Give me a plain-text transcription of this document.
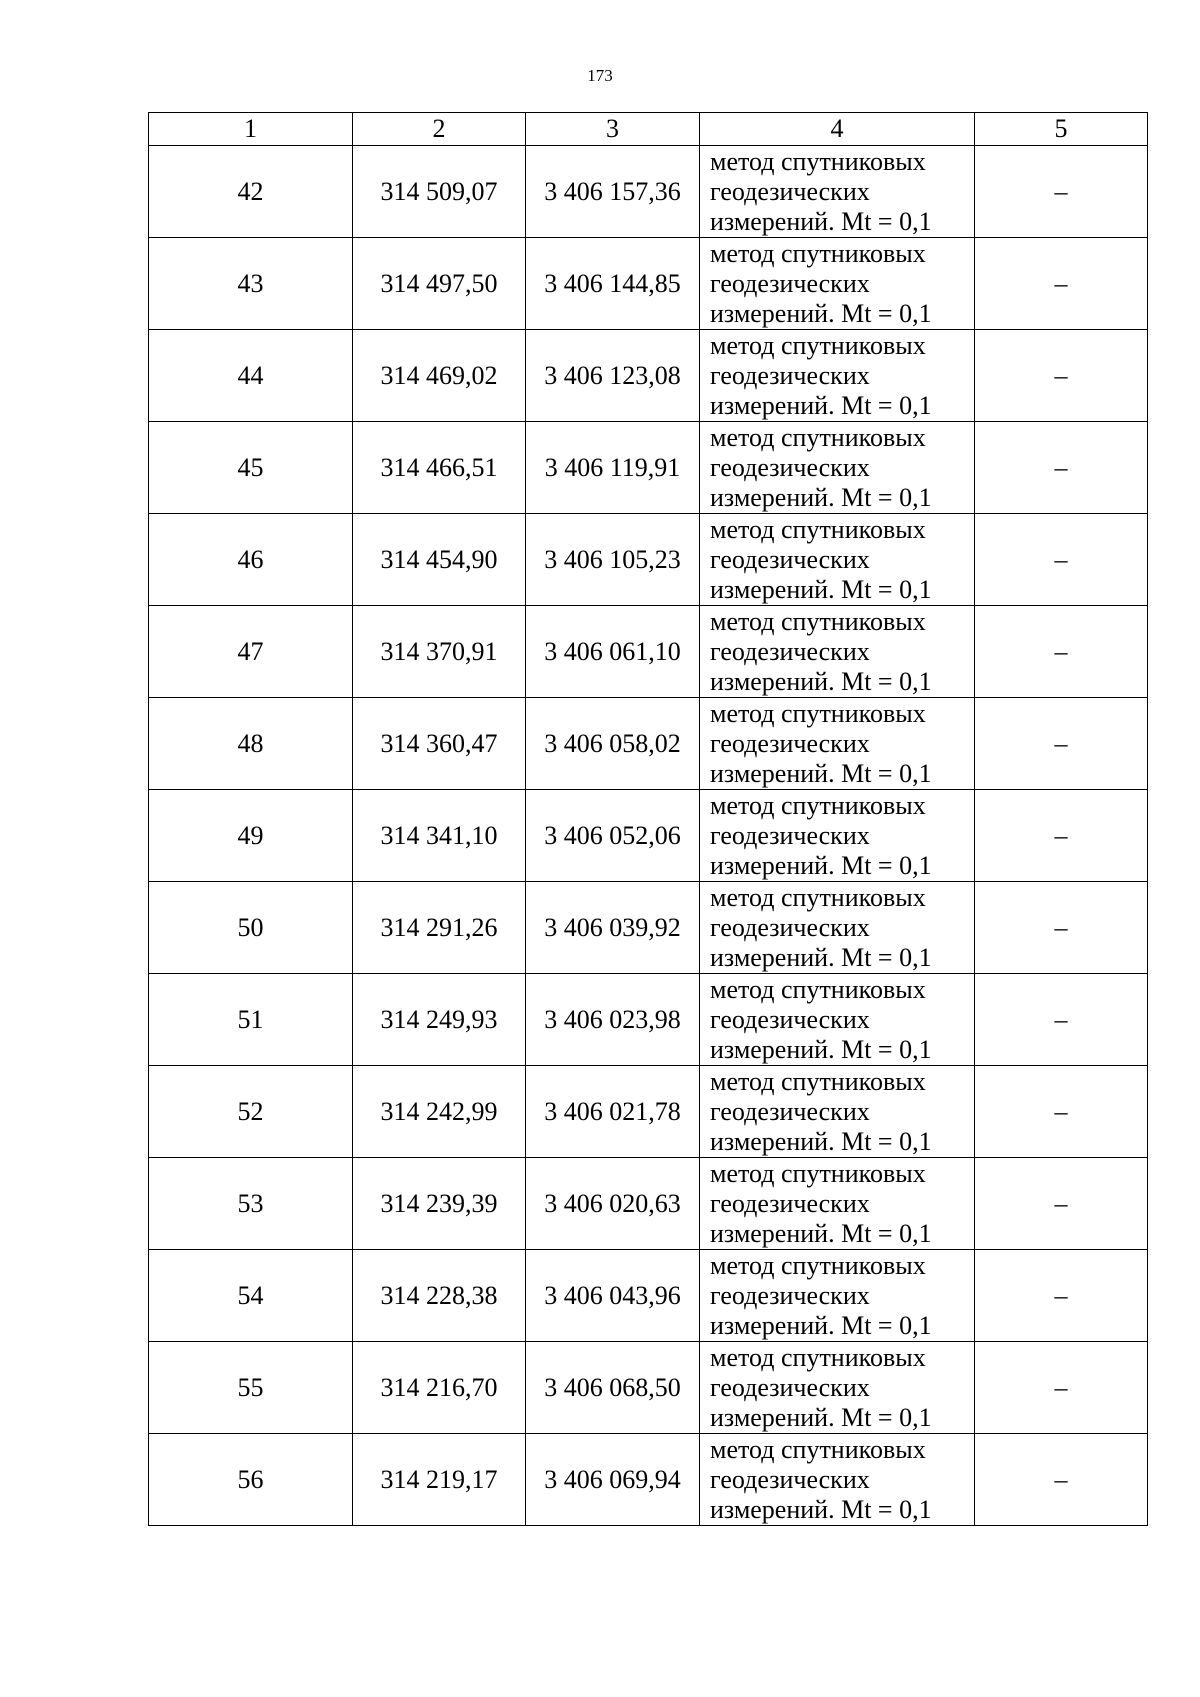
173
1	2	3	4	5
42	314 509,07	3 406 157,36	метод спутниковых
геодезических
измерений. Mt = 0,1	–
43	314 497,50	3 406 144,85	метод спутниковых
геодезических
измерений. Mt = 0,1	–
44	314 469,02	3 406 123,08	метод спутниковых
геодезических
измерений. Mt = 0,1	–
45	314 466,51	3 406 119,91	метод спутниковых
геодезических
измерений. Mt = 0,1	–
46	314 454,90	3 406 105,23	метод спутниковых
геодезических
измерений. Mt = 0,1	–
47	314 370,91	3 406 061,10	метод спутниковых
геодезических
измерений. Mt = 0,1	–
48	314 360,47	3 406 058,02	метод спутниковых
геодезических
измерений. Mt = 0,1	–
49	314 341,10	3 406 052,06	метод спутниковых
геодезических
измерений. Mt = 0,1	–
50	314 291,26	3 406 039,92	метод спутниковых
геодезических
измерений. Mt = 0,1	–
51	314 249,93	3 406 023,98	метод спутниковых
геодезических
измерений. Mt = 0,1	–
52	314 242,99	3 406 021,78	метод спутниковых
геодезических
измерений. Mt = 0,1	–
53	314 239,39	3 406 020,63	метод спутниковых
геодезических
измерений. Mt = 0,1	–
54	314 228,38	3 406 043,96	метод спутниковых
геодезических
измерений. Mt = 0,1	–
55	314 216,70	3 406 068,50	метод спутниковых
геодезических
измерений. Mt = 0,1	–
56	314 219,17	3 406 069,94	метод спутниковых
геодезических
измерений. Mt = 0,1	–
